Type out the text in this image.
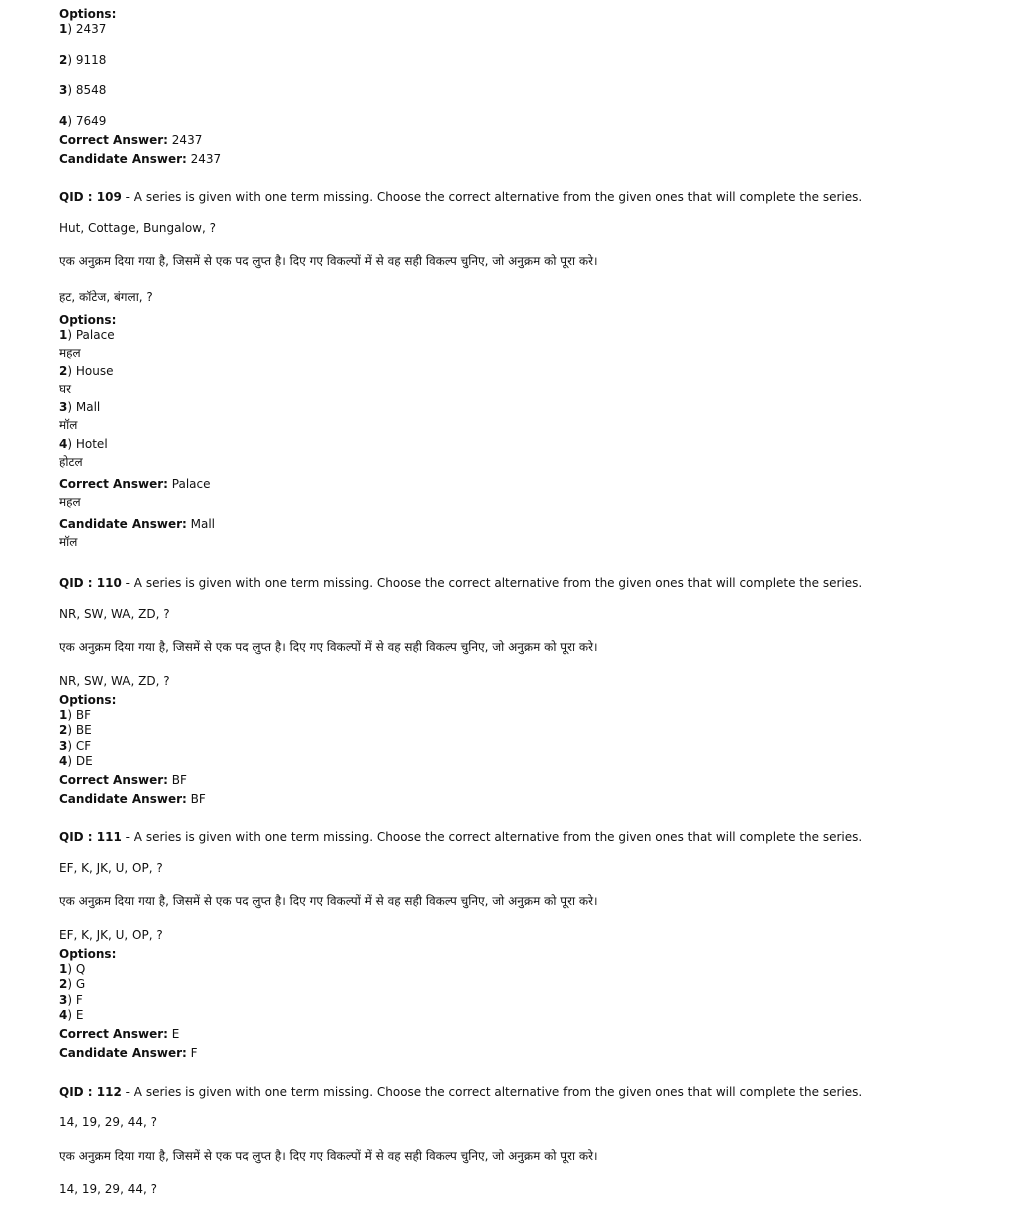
Options:
1) 2437
2) 9118
3) 8548
4) 7649
Correct Answer: 2437
Candidate Answer: 2437
QID : 109 - A series is given with one term missing. Choose the correct alternative from the given ones that will complete the series.
Hut, Cottage, Bungalow, ?
एक अनुक्रम दिया गया है, जिसमें से एक पद लुप्त है। दिए गए विकल्पों में से वह सही विकल्प चुनिए, जो अनुक्रम को पूरा करे।
हट, कॉटेज, बंगला, ?
Options:
1) Palace
महल
2) House
घर
3) Mall
मॉल
4) Hotel
होटल
Correct Answer: Palace
महल
Candidate Answer: Mall
मॉल
QID : 110 - A series is given with one term missing. Choose the correct alternative from the given ones that will complete the series.
NR, SW, WA, ZD, ?
एक अनुक्रम दिया गया है, जिसमें से एक पद लुप्त है। दिए गए विकल्पों में से वह सही विकल्प चुनिए, जो अनुक्रम को पूरा करे।
NR, SW, WA, ZD, ?
Options:
1) BF
2) BE
3) CF
4) DE
Correct Answer: BF
Candidate Answer: BF
QID : 111 - A series is given with one term missing. Choose the correct alternative from the given ones that will complete the series.
EF, K, JK, U, OP, ?
एक अनुक्रम दिया गया है, जिसमें से एक पद लुप्त है। दिए गए विकल्पों में से वह सही विकल्प चुनिए, जो अनुक्रम को पूरा करे।
EF, K, JK, U, OP, ?
Options:
1) Q
2) G
3) F
4) E
Correct Answer: E
Candidate Answer: F
QID : 112 - A series is given with one term missing. Choose the correct alternative from the given ones that will complete the series.
14, 19, 29, 44, ?
एक अनुक्रम दिया गया है, जिसमें से एक पद लुप्त है। दिए गए विकल्पों में से वह सही विकल्प चुनिए, जो अनुक्रम को पूरा करे।
14, 19, 29, 44, ?
